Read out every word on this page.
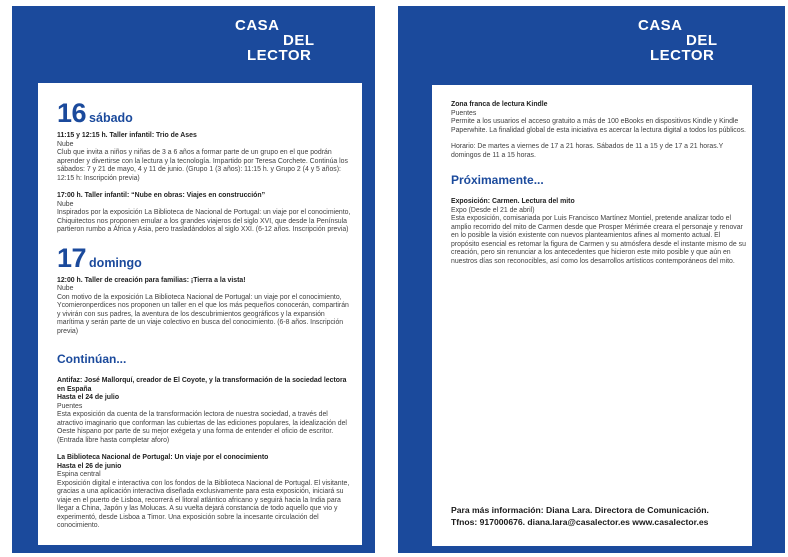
CASA
DEL
LECTOR
16 sábado
11:15 y 12:15 h. Taller infantil: Trio de Ases
Nube

Club que invita a niños y niñas de 3 a 6 años a formar parte de un grupo en el que podrán aprender y divertirse con la lectura y la tecnología. Impartido por Teresa Corchete. Continúa los sábados: 7 y 21 de mayo, 4 y 11 de junio. (Grupo 1 (3 años): 11:15 h. y Grupo 2 (4 y 5 años): 12:15 h: Inscripción previa)

17:00 h. Taller infantil: “Nube en obras: Viajes en construcción”
Nube

Inspirados por la exposición La Biblioteca de Nacional de Portugal: un viaje por el conocimiento, Chiquitectos nos proponen emular a los grandes viajeros del siglo XVI, que desde la Península partieron rumbo a África y Asia, pero trasladándolos al siglo XXI. (6-12 años. Inscripción previa)

17 domingo
12:00 h. Taller de creación para familias: ¡Tierra a la vista!
Nube

Con motivo de la exposición La Biblioteca Nacional de Portugal: un viaje por el conocimiento, Ycomieronperdices nos proponen un taller en el que los más pequeños conocerán, compartirán y vivirán con sus padres, la aventura de los descubrimientos geográficos y la expansión marítima y serán parte de un viaje colectivo en busca del conocimiento. (6-8 años. Inscripción previa)

Continúan...
Antifaz: José Mallorquí, creador de El Coyote, y la transformación de la sociedad lectora en España
Hasta el 24 de julio
Puentes

Esta exposición da cuenta de la transformación lectora de nuestra sociedad, a través del atractivo imaginario que conforman las cubiertas de las ediciones populares, la idealización del Oeste hispano por parte de su mejor exégeta y una forma de entender el oficio de escritor. (Entrada libre hasta completar aforo)

La Biblioteca Nacional de Portugal: Un viaje por el conocimiento
Hasta el 26 de junio
Espina central

Exposición digital e interactiva con los fondos de la Biblioteca Nacional de Portugal. El visitante, gracias a una aplicación interactiva diseñada exclusivamente para esta exposición, iniciará su viaje en el puerto de Lisboa, recorrerá el litoral atlántico africano y seguirá hacia la India para llegar a China, Japón y las Molucas. A su vuelta dejará constancia de todo aquello que vio y experimentó, desde Lisboa a Timor. Una exposición sobre la incesante circulación del conocimiento.

CASA
DEL
LECTOR
Zona franca de lectura Kindle
Puentes

Permite a los usuarios el acceso gratuito a más de 100 eBooks en dispositivos Kindle y Kindle Paperwhite. La finalidad global de esta iniciativa es acercar la lectura digital a todos los públicos.

Horario: De martes a viernes de 17 a 21 horas. Sábados de 11 a 15 y de 17 a 21 horas.Y domingos de 11 a 15 horas.

Próximamente...
Exposición: Carmen. Lectura del mito
Expo (Desde el 21 de abril)

Esta exposición, comisariada por Luis Francisco Martínez Montiel, pretende analizar todo el amplio recorrido del mito de Carmen desde que Prosper Mérimée creara el personaje y renovar en lo posible la visión existente con nuevos planteamientos afines al momento actual. El propósito esencial es retomar la figura de Carmen y su atmósfera desde el instante mismo de su creación, pero sin renunciar a los antecedentes que hicieron este mito posible y que aún en nuestros días son reconocibles, así como los desarrollos artísticos contemporáneos del mito.

Para más información: Diana Lara. Directora de Comunicación.
Tfnos: 917000676. diana.lara@casalector.es www.casalector.es
